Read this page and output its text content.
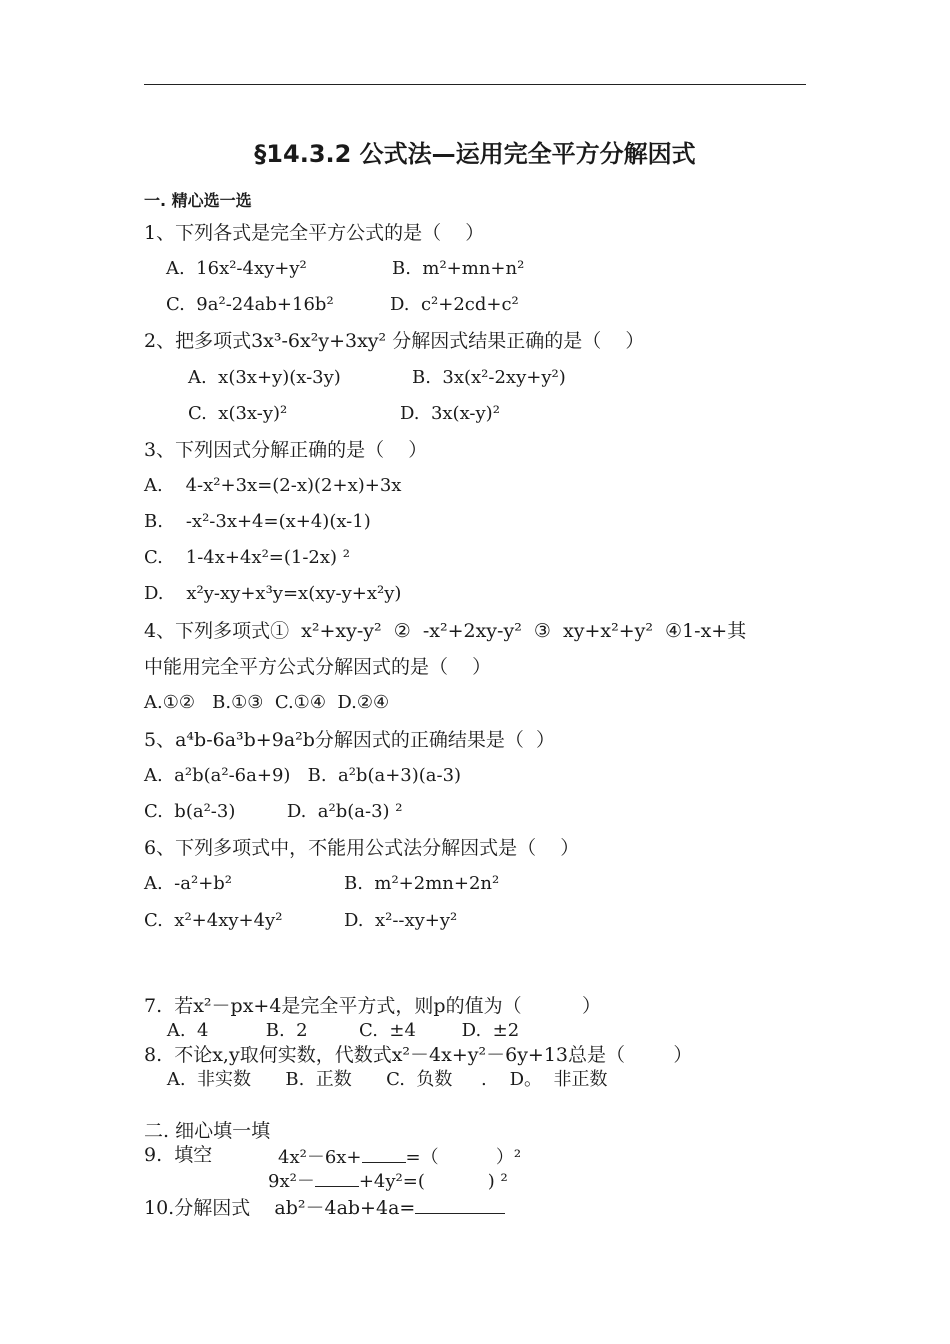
§14.3.2 公式法—运用完全平方分解因式
一. 精心选一选
1、下列各式是完全平方公式的是（    ）
A.  16x²-4xy+y²	B.  m²+mn+n²
C.  9a²-24ab+16b²	D.  c²+2cd+c²
2、把多项式3x³-6x²y+3xy² 分解因式结果正确的是（    ）
A.  x(3x+y)(x-3y)	B.  3x(x²-2xy+y²)
C.  x(3x-y)²	D.  3x(x-y)²
3、下列因式分解正确的是（    ）
A.    4-x²+3x=(2-x)(2+x)+3x
B.    -x²-3x+4=(x+4)(x-1)
C.    1-4x+4x²=(1-2x) ²
D.    x²y-xy+x³y=x(xy-y+x²y)
4、下列多项式①  x²+xy-y²  ②  -x²+2xy-y²  ③  xy+x²+y²  ④1-x+其
中能用完全平方公式分解因式的是（    ）
A.①②   B.①③  C.①④  D.②④
5、a⁴b-6a³b+9a²b分解因式的正确结果是（  ）
A.  a²b(a²-6a+9)   B.  a²b(a+3)(a-3)
C.  b(a²-3)         D.  a²b(a-3) ²
6、下列多项式中，不能用公式法分解因式是（    ）
A.  -a²+b²	B.  m²+2mn+2n²
C.  x²+4xy+4y²	D.  x²--xy+y²
7.  若x²－px+4是完全平方式，则p的值为（          ）
A.  4          B.  2         C.  ±4        D.  ±2
8.  不论x,y取何实数，代数式x²－4x+y²－6y+13总是（        ）
A.  非实数      B.  正数      C.  负数     .    D。  非正数
二. 细心填一填
9.  填空	4x²－6x+ =（          ）²
9x²－ +4y²=(           ) ²
10.分解因式    ab²－4ab+4a=
